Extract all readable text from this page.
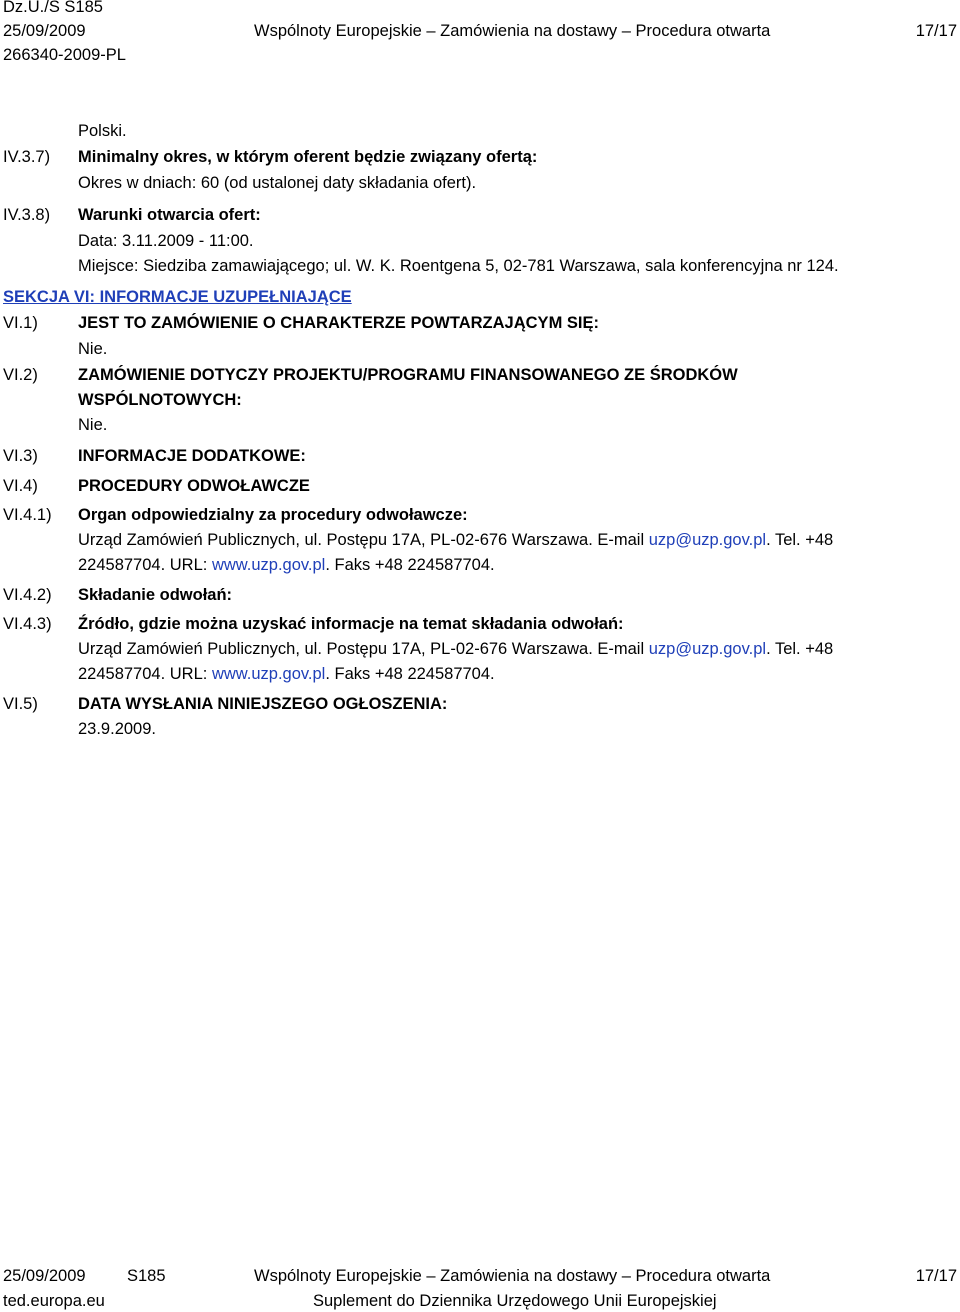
Dz.U./S S185
25/09/2009	Wspólnoty Europejskie – Zamówienia na dostawy – Procedura otwarta	17/17
266340-2009-PL
Polski.
IV.3.7) Minimalny okres, w którym oferent będzie związany ofertą:
Okres w dniach: 60 (od ustalonej daty składania ofert).
IV.3.8) Warunki otwarcia ofert:
Data: 3.11.2009 - 11:00.
Miejsce: Siedziba zamawiającego; ul. W. K. Roentgena 5, 02-781 Warszawa, sala konferencyjna nr 124.
SEKCJA VI: INFORMACJE UZUPEŁNIAJĄCE
VI.1) JEST TO ZAMÓWIENIE O CHARAKTERZE POWTARZAJĄCYM SIĘ:
Nie.
VI.2) ZAMÓWIENIE DOTYCZY PROJEKTU/PROGRAMU FINANSOWANEGO ZE ŚRODKÓW
WSPÓLNOTOWYCH:
Nie.
VI.3) INFORMACJE DODATKOWE:
VI.4) PROCEDURY ODWOŁAWCZE
VI.4.1) Organ odpowiedzialny za procedury odwoławcze:
Urząd Zamówień Publicznych, ul. Postępu 17A, PL-02-676 Warszawa. E-mail uzp@uzp.gov.pl. Tel. +48
224587704. URL: www.uzp.gov.pl. Faks +48 224587704.
VI.4.2) Składanie odwołań:
VI.4.3) Źródło, gdzie można uzyskać informacje na temat składania odwołań:
Urząd Zamówień Publicznych, ul. Postępu 17A, PL-02-676 Warszawa. E-mail uzp@uzp.gov.pl. Tel. +48
224587704. URL: www.uzp.gov.pl. Faks +48 224587704.
VI.5) DATA WYSŁANIA NINIEJSZEGO OGŁOSZENIA:
23.9.2009.
25/09/2009	S185	Wspólnoty Europejskie – Zamówienia na dostawy – Procedura otwarta	17/17
ted.europa.eu	Suplement do Dziennika Urzędowego Unii Europejskiej
